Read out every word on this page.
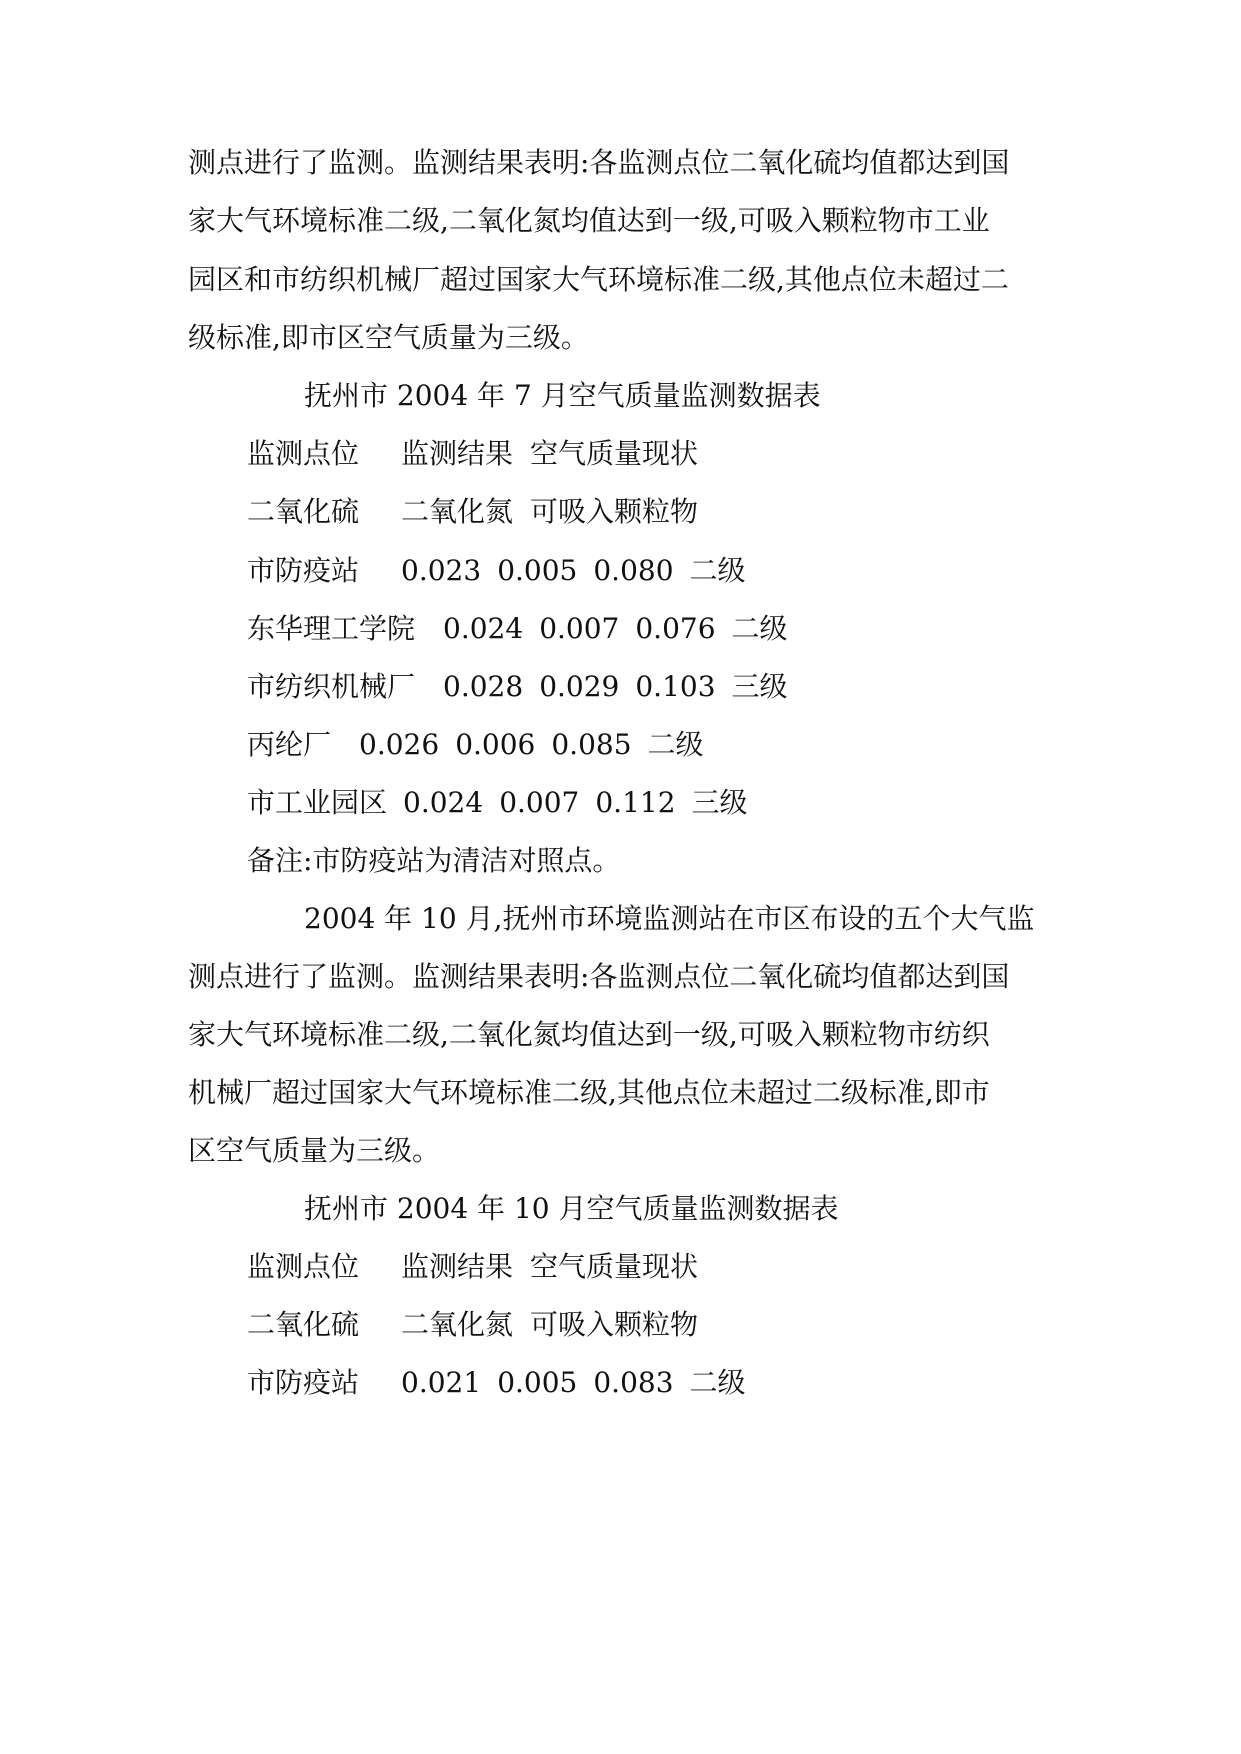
测点进行了监测。监测结果表明:各监测点位二氧化硫均值都达到国
家大气环境标准二级,二氧化氮均值达到一级,可吸入颗粒物市工业
园区和市纺织机械厂超过国家大气环境标准二级,其他点位未超过二
级标准,即市区空气质量为三级。
抚州市 2004 年 7 月空气质量监测数据表
监测点位 监测结果 空气质量现状
二氧化硫 二氧化氮 可吸入颗粒物
市防疫站 0.023 0.005 0.080 二级
东华理工学院 0.024 0.007 0.076 二级
市纺织机械厂 0.028 0.029 0.103 三级
丙纶厂 0.026 0.006 0.085 二级
市工业园区 0.024 0.007 0.112 三级
备注:市防疫站为清洁对照点。
2004 年 10 月,抚州市环境监测站在市区布设的五个大气监
测点进行了监测。监测结果表明:各监测点位二氧化硫均值都达到国
家大气环境标准二级,二氧化氮均值达到一级,可吸入颗粒物市纺织
机械厂超过国家大气环境标准二级,其他点位未超过二级标准,即市
区空气质量为三级。
抚州市 2004 年 10 月空气质量监测数据表
监测点位 监测结果 空气质量现状
二氧化硫 二氧化氮 可吸入颗粒物
市防疫站 0.021 0.005 0.083 二级
